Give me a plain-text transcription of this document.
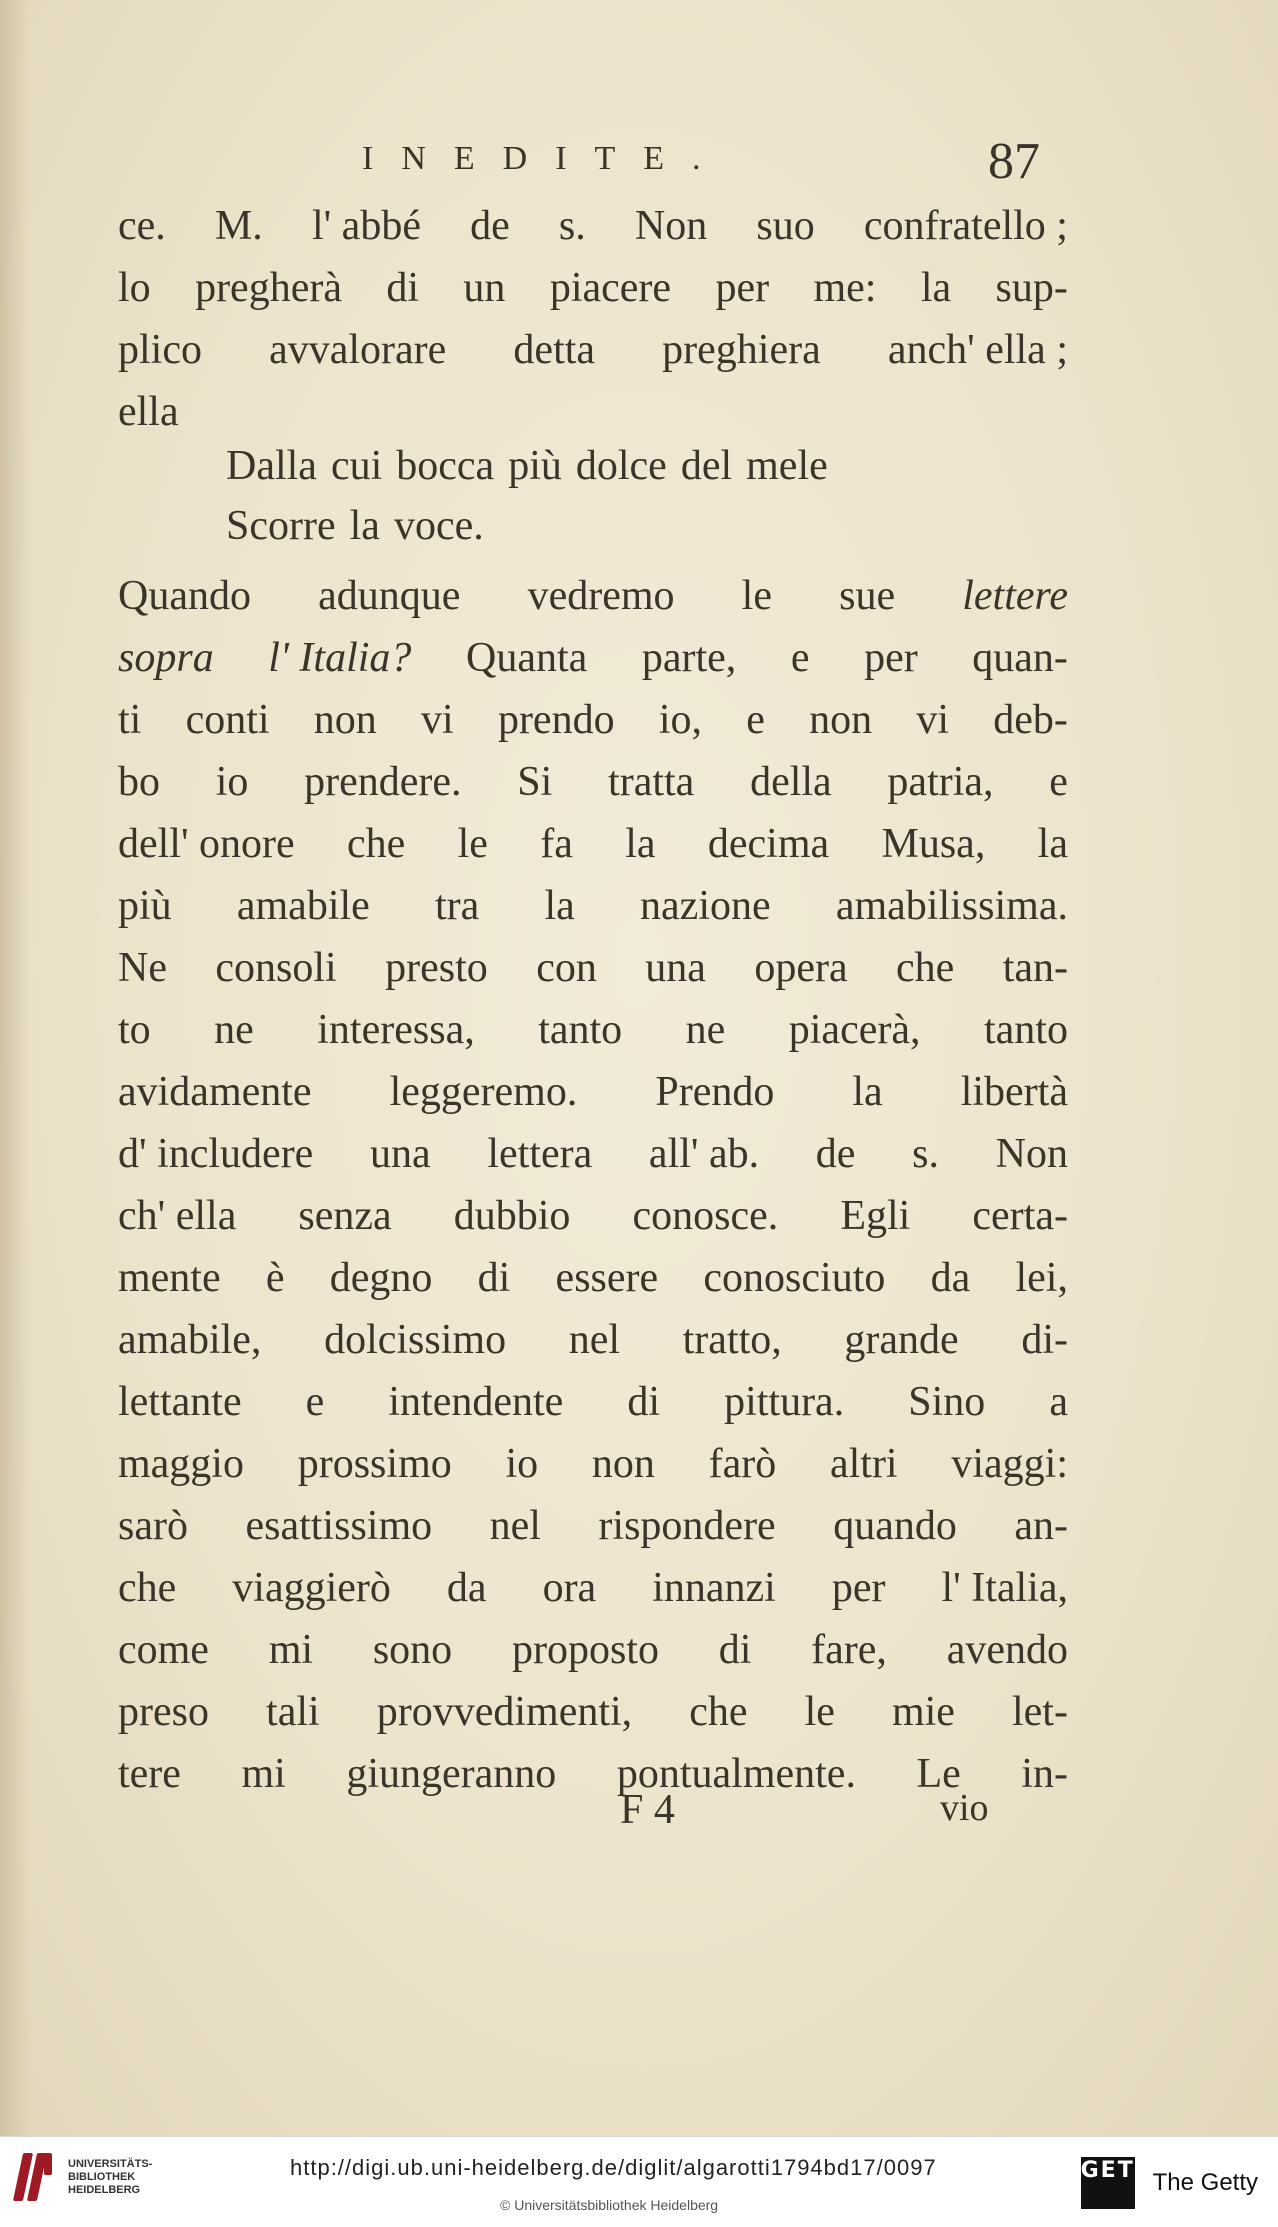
INEDITE.	87
ce. M. l' abbé de s. Non suo confratello ;
lo pregherà di un piacere per me: la sup-
plico avvalorare detta preghiera anch' ella ;
ella
Dalla cui bocca più dolce del mele
Scorre la voce.
Quando adunque vedremo le sue lettere
sopra l' Italia? Quanta parte, e per quan-
ti conti non vi prendo io, e non vi deb-
bo io prendere. Si tratta della patria, e
dell' onore che le fa la decima Musa, la
più amabile tra la nazione amabilissima.
Ne consoli presto con una opera che tan-
to ne interessa, tanto ne piacerà, tanto
avidamente leggeremo. Prendo la libertà
d' includere una lettera all' ab. de s. Non
ch' ella senza dubbio conosce. Egli certa-
mente è degno di essere conosciuto da lei,
amabile, dolcissimo nel tratto, grande di-
lettante e intendente di pittura. Sino a
maggio prossimo io non farò altri viaggi:
sarò esattissimo nel rispondere quando an-
che viaggierò da ora innanzi per l' Italia,
come mi sono proposto di fare, avendo
preso tali provvedimenti, che le mie let-
tere mi giungeranno pontualmente. Le in-
F 4	vio
UNIVERSITÄTS-
BIBLIOTHEK
HEIDELBERG
http://digi.ub.uni-heidelberg.de/diglit/algarotti1794bd17/0097
© Universitätsbibliothek Heidelberg
GETTY
The Getty
